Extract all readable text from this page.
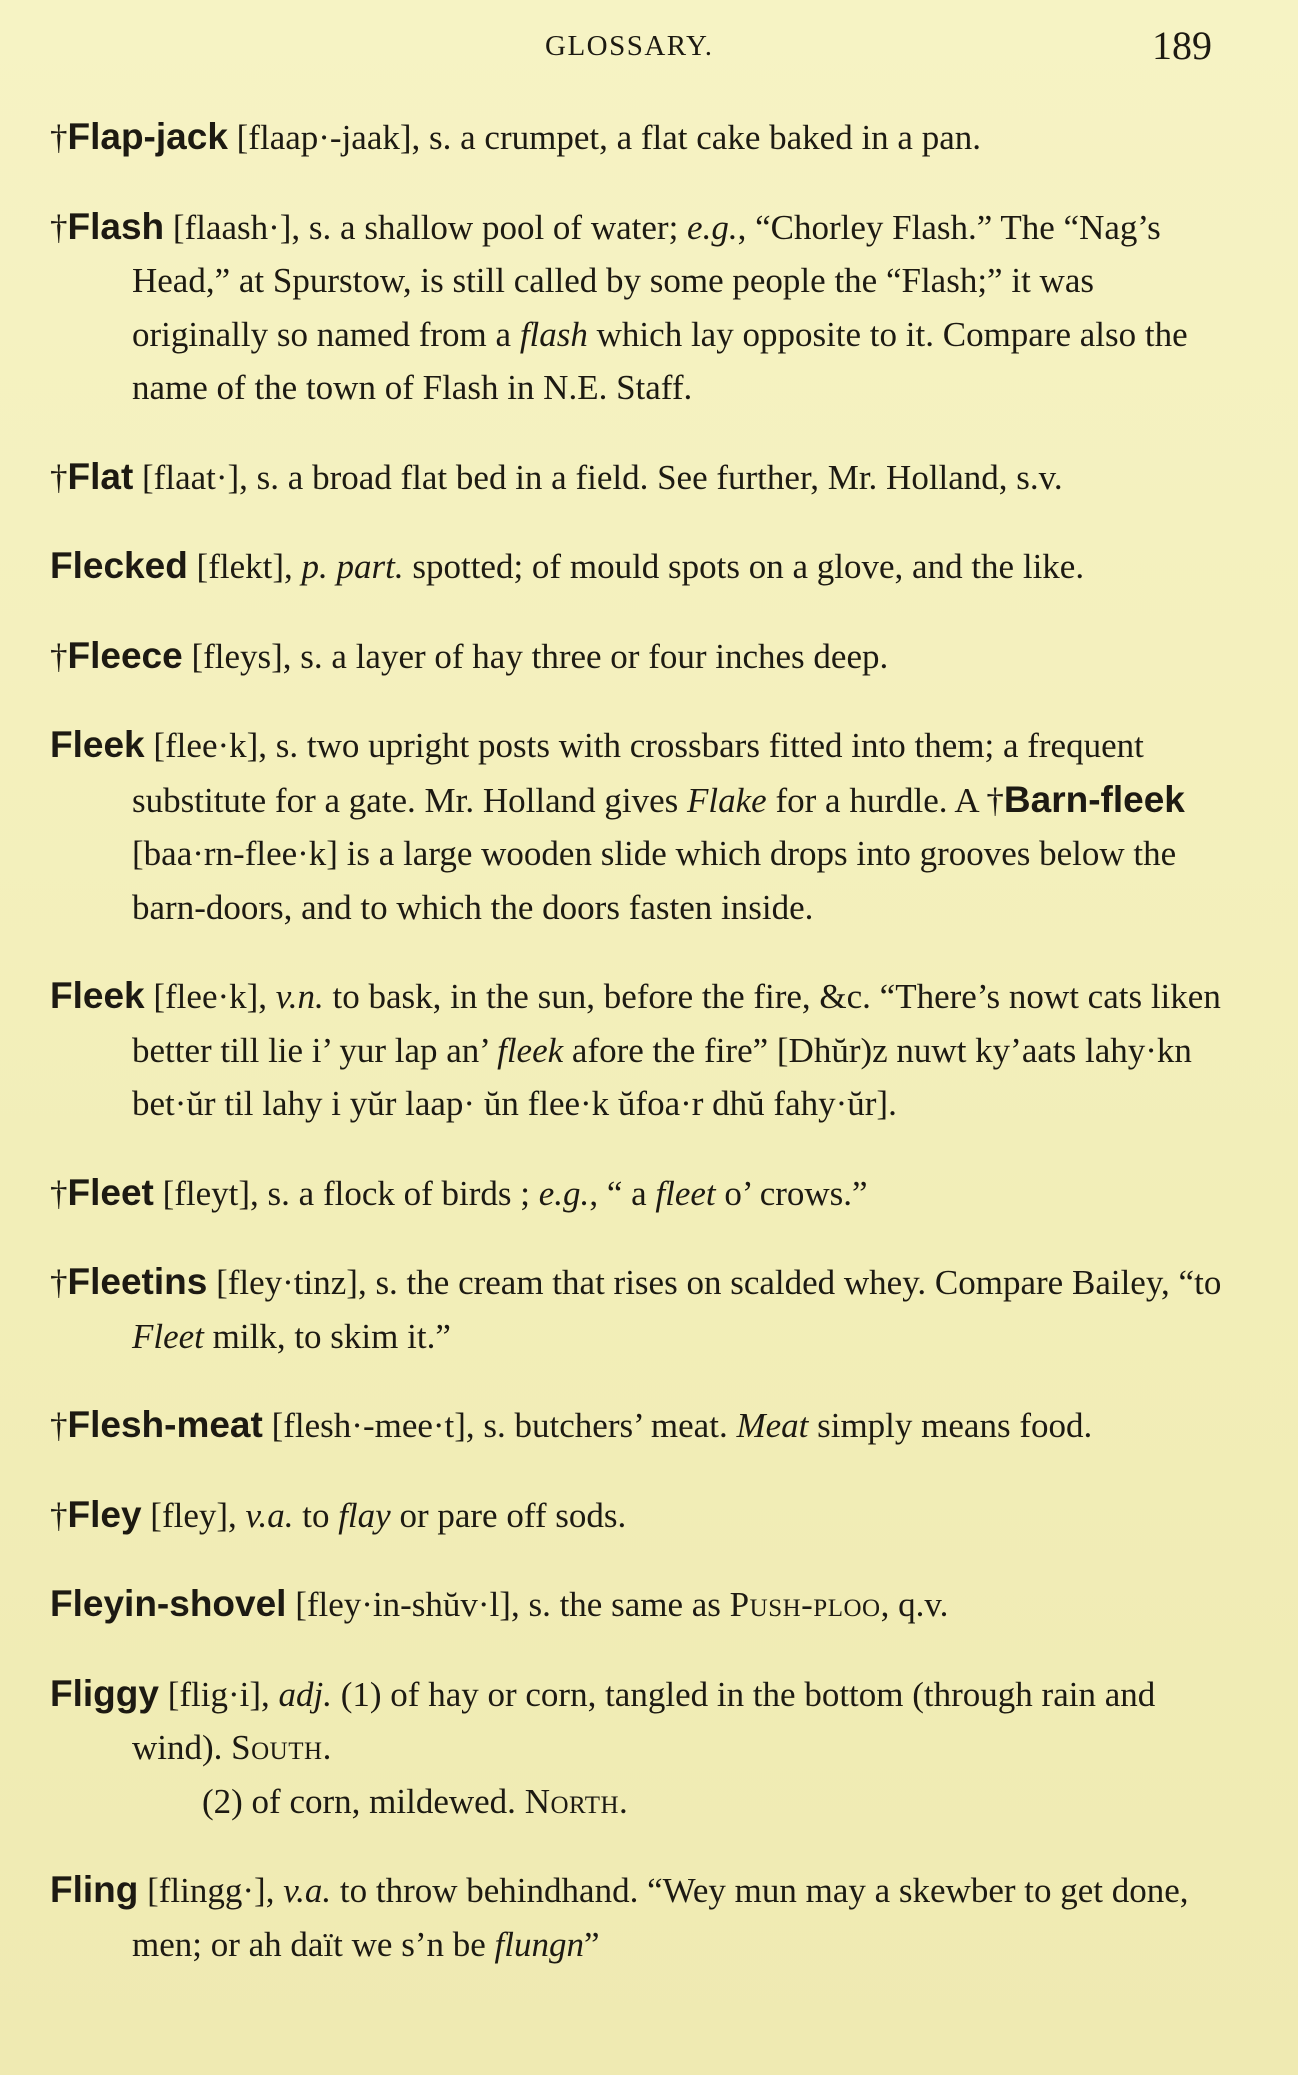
GLOSSARY.	189

†Flap-jack [flaap·-jaak], s. a crumpet, a flat cake baked in a pan.

†Flash [flaash·], s. a shallow pool of water; e.g., “Chorley Flash.” The “Nag’s Head,” at Spurstow, is still called by some people the “Flash;” it was originally so named from a flash which lay opposite to it. Compare also the name of the town of Flash in N.E. Staff.

†Flat [flaat·], s. a broad flat bed in a field. See further, Mr. Holland, s.v.

Flecked [flekt], p. part. spotted; of mould spots on a glove, and the like.

†Fleece [fleys], s. a layer of hay three or four inches deep.

Fleek [flee·k], s. two upright posts with crossbars fitted into them; a frequent substitute for a gate. Mr. Holland gives Flake for a hurdle. A †Barn-fleek [baa·rn-flee·k] is a large wooden slide which drops into grooves below the barn-doors, and to which the doors fasten inside.

Fleek [flee·k], v.n. to bask, in the sun, before the fire, &c. “There’s nowt cats liken better till lie i’ yur lap an’ fleek afore the fire” [Dhŭr)z nuwt ky’aats lahy·kn bet·ŭr til lahy i yŭr laap· ŭn flee·k ŭfoa·r dhŭ fahy·ŭr].

†Fleet [fleyt], s. a flock of birds ; e.g., “ a fleet o’ crows.”

†Fleetins [fley·tinz], s. the cream that rises on scalded whey. Compare Bailey, “to Fleet milk, to skim it.”

†Flesh-meat [flesh·-mee·t], s. butchers’ meat. Meat simply means food.

†Fley [fley], v.a. to flay or pare off sods.

Fleyin-shovel [fley·in-shŭv·l], s. the same as Push-ploo, q.v.

Fliggy [flig·i], adj. (1) of hay or corn, tangled in the bottom (through rain and wind). South.
(2) of corn, mildewed. North.

Fling [flingg·], v.a. to throw behindhand. “Wey mun may a skewber to get done, men; or ah daït we s’n be flungn”
